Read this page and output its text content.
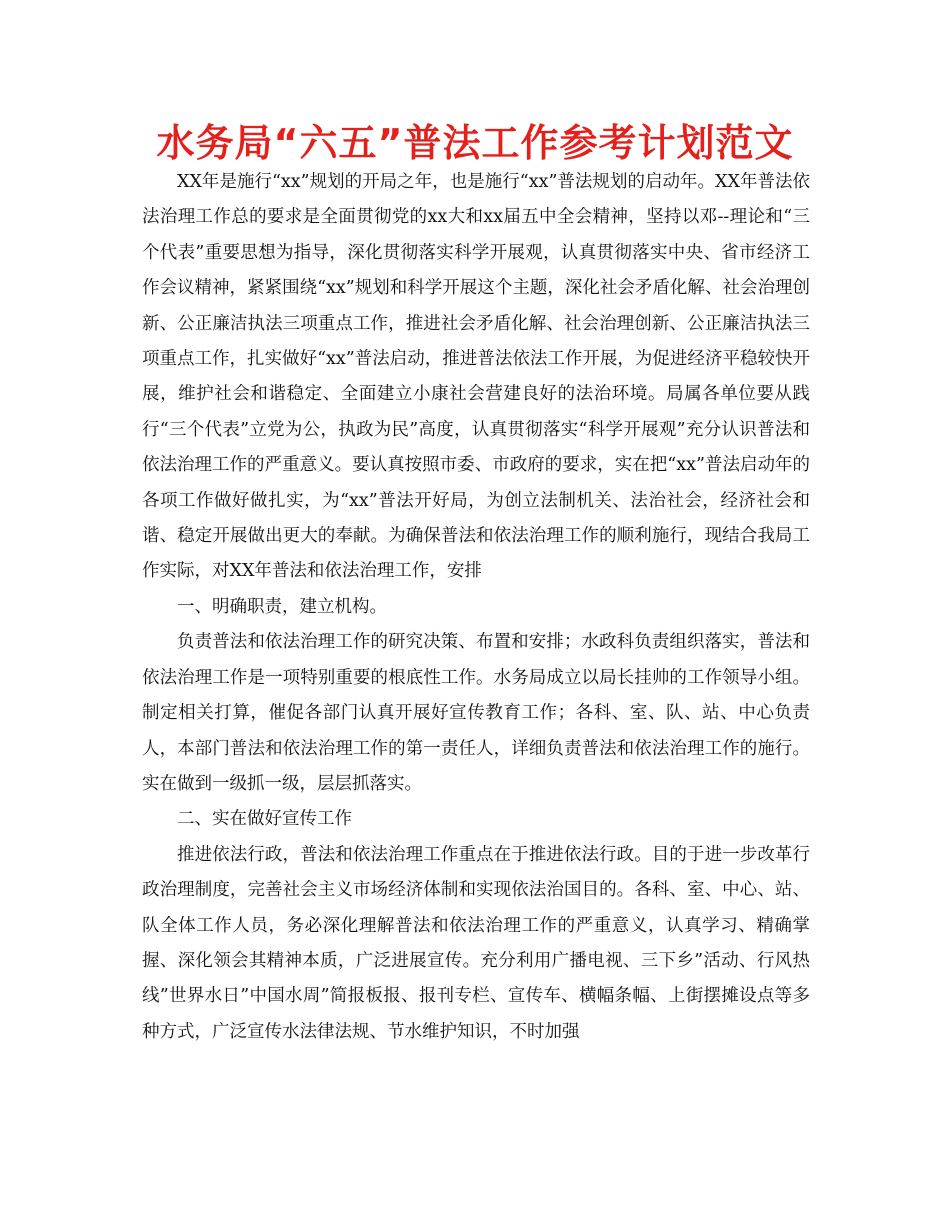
水务局“六五”普法工作参考计划范文

XX年是施行“xx”规划的开局之年，也是施行“xx”普法规划的启动年。XX年普法依法治理工作总的要求是全面贯彻党的xx大和xx届五中全会精神，坚持以邓--理论和“三个代表”重要思想为指导，深化贯彻落实科学开展观，认真贯彻落实中央、省市经济工作会议精神，紧紧围绕“xx”规划和科学开展这个主题，深化社会矛盾化解、社会治理创新、公正廉洁执法三项重点工作，推进社会矛盾化解、社会治理创新、公正廉洁执法三项重点工作，扎实做好“xx”普法启动，推进普法依法工作开展，为促进经济平稳较快开展，维护社会和谐稳定、全面建立小康社会营建良好的法治环境。局属各单位要从践行“三个代表”立党为公，执政为民”高度，认真贯彻落实“科学开展观”充分认识普法和依法治理工作的严重意义。要认真按照市委、市政府的要求，实在把“xx”普法启动年的各项工作做好做扎实，为“xx”普法开好局，为创立法制机关、法治社会，经济社会和谐、稳定开展做出更大的奉献。为确保普法和依法治理工作的顺利施行，现结合我局工作实际，对XX年普法和依法治理工作，安排

一、明确职责，建立机构。

负责普法和依法治理工作的研究决策、布置和安排；水政科负责组织落实，普法和依法治理工作是一项特别重要的根底性工作。水务局成立以局长挂帅的工作领导小组。制定相关打算，催促各部门认真开展好宣传教育工作；各科、室、队、站、中心负责人，本部门普法和依法治理工作的第一责任人，详细负责普法和依法治理工作的施行。实在做到一级抓一级，层层抓落实。

二、实在做好宣传工作

推进依法行政，普法和依法治理工作重点在于推进依法行政。目的于进一步改革行政治理制度，完善社会主义市场经济体制和实现依法治国目的。各科、室、中心、站、队全体工作人员，务必深化理解普法和依法治理工作的严重意义，认真学习、精确掌握、深化领会其精神本质，广泛进展宣传。充分利用广播电视、三下乡”活动、行风热线”世界水日”中国水周”简报板报、报刊专栏、宣传车、横幅条幅、上街摆摊设点等多种方式，广泛宣传水法律法规、节水维护知识，不时加强
